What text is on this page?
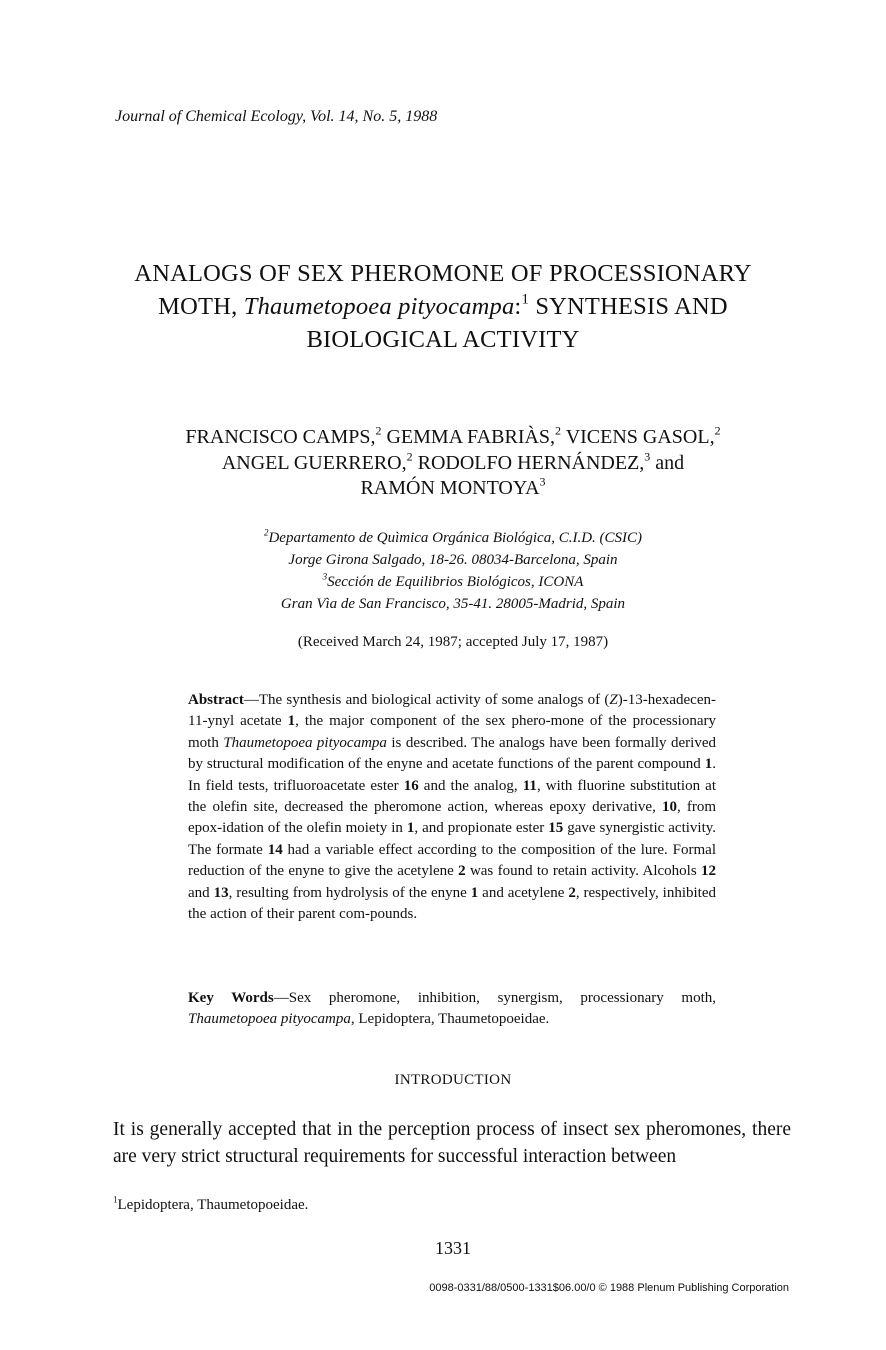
Journal of Chemical Ecology, Vol. 14, No. 5, 1988
ANALOGS OF SEX PHEROMONE OF PROCESSIONARY
MOTH, Thaumetopoea pityocampa:$^1$ SYNTHESIS AND
BIOLOGICAL ACTIVITY
FRANCISCO CAMPS,$^2$ GEMMA FABRIÀS,$^2$ VICENS GASOL,$^2$
ANGEL GUERRERO,$^2$ RODOLFO HERNÁNDEZ,$^3$ and
RAMÓN MONTOYA$^3$
$^2$Departamento de Quìmica Orgánica Biológica, C.I.D. (CSIC)
Jorge Girona Salgado, 18-26. 08034-Barcelona, Spain
$^3$Sección de Equilibrios Biológicos, ICONA
Gran Vìa de San Francisco, 35-41. 28005-Madrid, Spain
(Received March 24, 1987; accepted July 17, 1987)
Abstract—The synthesis and biological activity of some analogs of (Z)-13-hexadecen-11-ynyl acetate 1, the major component of the sex phero-mone of the processionary moth Thaumetopoea pityocampa is described. The analogs have been formally derived by structural modification of the enyne and acetate functions of the parent compound 1. In field tests, trifluoroacetate ester 16 and the analog, 11, with fluorine substitution at the olefin site, decreased the pheromone action, whereas epoxy derivative, 10, from epox-idation of the olefin moiety in 1, and propionate ester 15 gave synergistic activity. The formate 14 had a variable effect according to the composition of the lure. Formal reduction of the enyne to give the acetylene 2 was found to retain activity. Alcohols 12 and 13, resulting from hydrolysis of the enyne 1 and acetylene 2, respectively, inhibited the action of their parent com-pounds.
Key Words—Sex pheromone, inhibition, synergism, processionary moth, Thaumetopoea pityocampa, Lepidoptera, Thaumetopoeidae.
INTRODUCTION
It is generally accepted that in the perception process of insect sex pheromones, there are very strict structural requirements for successful interaction between
$^1$Lepidoptera, Thaumetopoeidae.
1331
0098-0331/88/0500-1331$06.00/0 © 1988 Plenum Publishing Corporation
